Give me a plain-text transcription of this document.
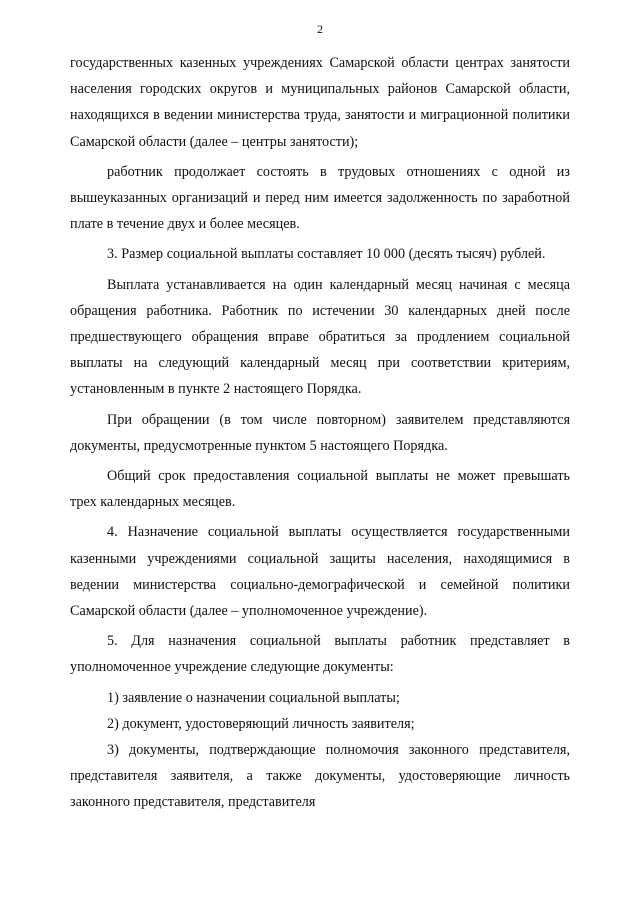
2

государственных казенных учреждениях Самарской области центрах занятости населения городских округов и муниципальных районов Самарской области, находящихся в ведении министерства труда, занятости и миграционной политики Самарской области (далее – центры занятости);

работник продолжает состоять в трудовых отношениях с одной из вышеуказанных организаций и перед ним имеется задолженность по заработной плате в течение двух и более месяцев.

3. Размер социальной выплаты составляет 10 000 (десять тысяч) рублей.

Выплата устанавливается на один календарный месяц начиная с месяца обращения работника. Работник по истечении 30 календарных дней после предшествующего обращения вправе обратиться за продлением социальной выплаты на следующий календарный месяц при соответствии критериям, установленным в пункте 2 настоящего Порядка.

При обращении (в том числе повторном) заявителем представляются документы, предусмотренные пунктом 5 настоящего Порядка.

Общий срок предоставления социальной выплаты не может превышать трех календарных месяцев.

4. Назначение социальной выплаты осуществляется государственными казенными учреждениями социальной защиты населения, находящимися в ведении министерства социально-демографической и семейной политики Самарской области (далее – уполномоченное учреждение).

5. Для назначения социальной выплаты работник представляет в уполномоченное учреждение следующие документы:

1) заявление о назначении социальной выплаты;

2) документ, удостоверяющий личность заявителя;

3) документы, подтверждающие полномочия законного представителя, представителя заявителя, а также документы, удостоверяющие личность законного представителя, представителя
